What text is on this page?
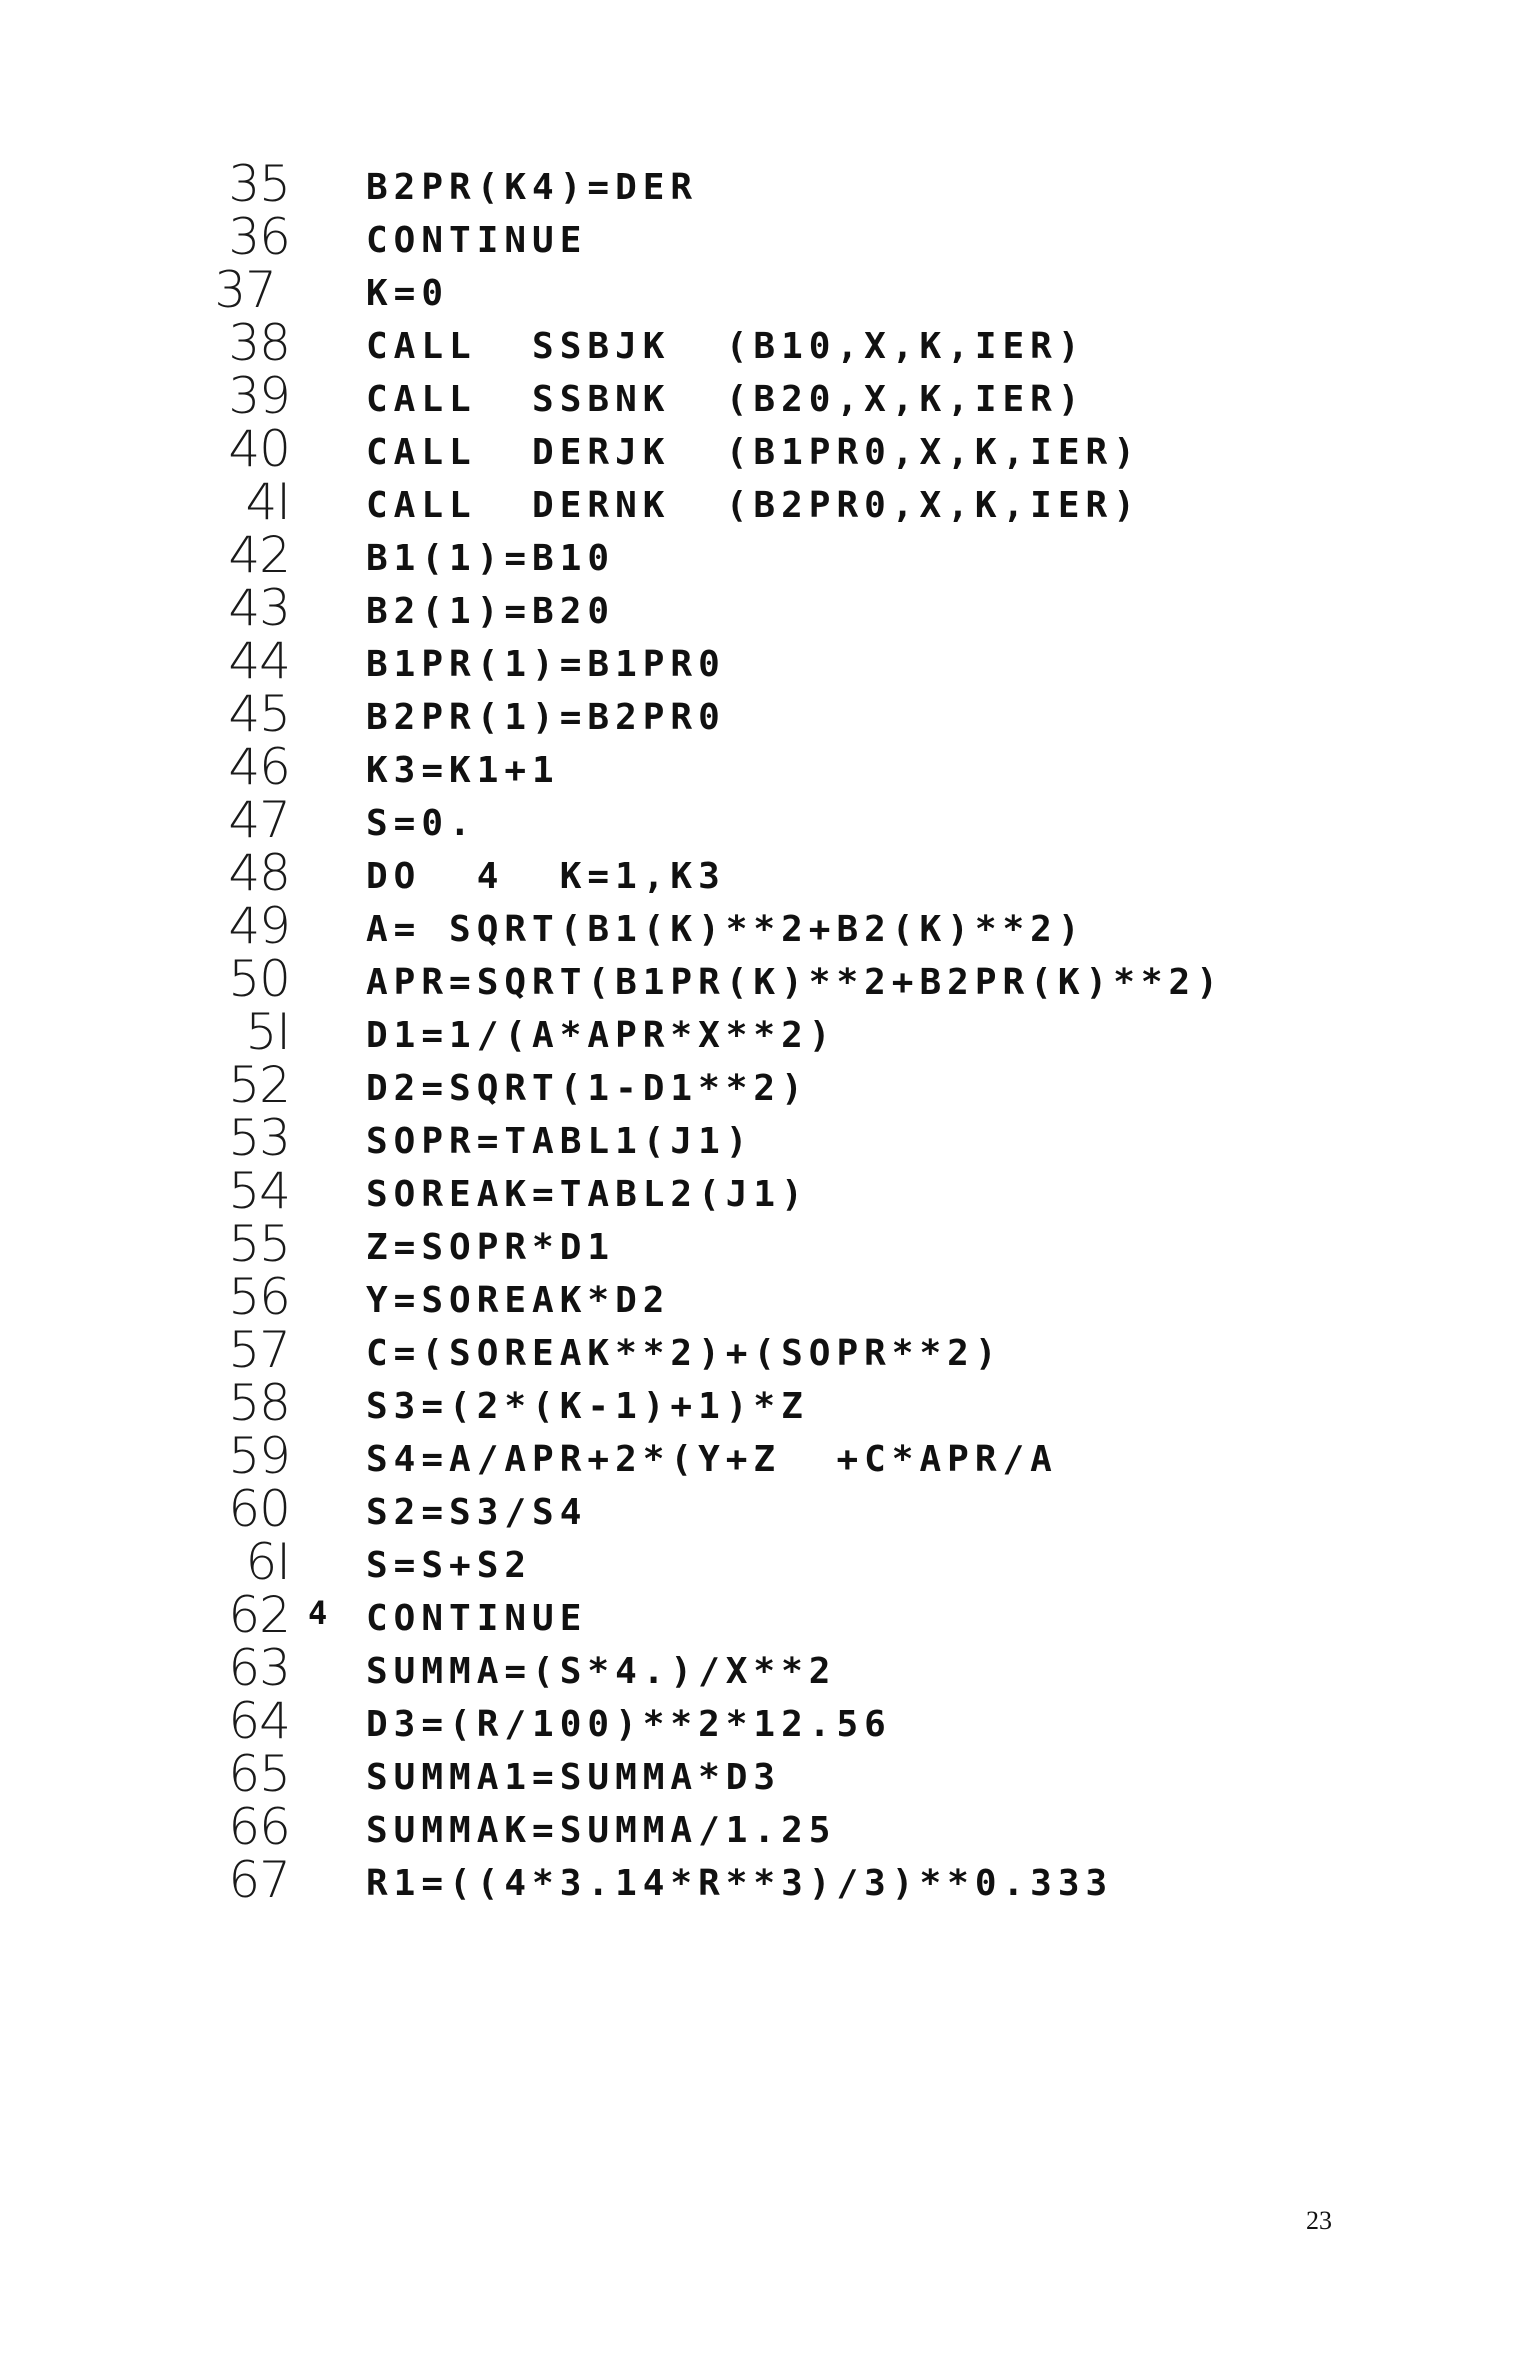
35 B2PR(K4)=DER
36 CONTINUE
37	K=0
38 CALL  SSBJK  (B10,X,K,IER)
39 CALL  SSBNK  (B20,X,K,IER)
40 CALL  DERJK  (B1PR0,X,K,IER)
4I CALL  DERNK  (B2PR0,X,K,IER)
42 B1(1)=B10
43 B2(1)=B20
44 B1PR(1)=B1PR0
45 B2PR(1)=B2PR0
46 K3=K1+1
47 S=0.
48 DO  4  K=1,K3
49 A= SQRT(B1(K)**2+B2(K)**2)
50 APR=SQRT(B1PR(K)**2+B2PR(K)**2)
5I D1=1/(A*APR*X**2)
52 D2=SQRT(1-D1**2)
53 SOPR=TABL1(J1)
54 SOREAK=TABL2(J1)
55 Z=SOPR*D1
56 Y=SOREAK*D2
57 C=(SOREAK**2)+(SOPR**2)
58 S3=(2*(K-1)+1)*Z
59 S4=A/APR+2*(Y+Z  +C*APR/A
60 S2=S3/S4
6I S=S+S2
62 4 CONTINUE
63 SUMMA=(S*4.)/X**2
64 D3=(R/100)**2*12.56
65 SUMMA1=SUMMA*D3
66 SUMMAK=SUMMA/1.25
67 R1=((4*3.14*R**3)/3)**0.333
23
